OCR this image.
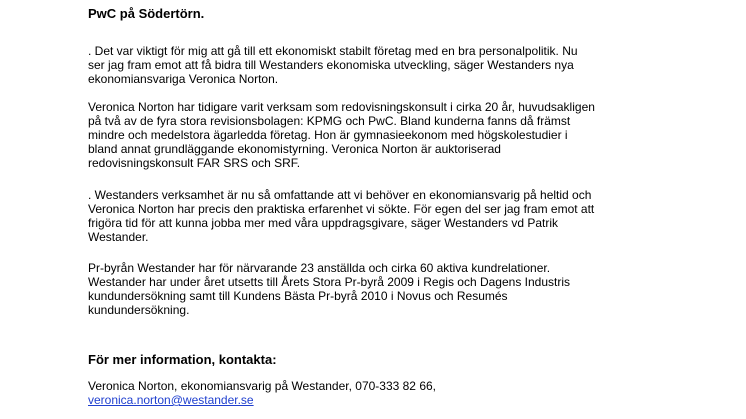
PwC på Södertörn.
. Det var viktigt för mig att gå till ett ekonomiskt stabilt företag med en bra personalpolitik. Nu
ser jag fram emot att få bidra till Westanders ekonomiska utveckling, säger Westanders nya
ekonomiansvariga Veronica Norton.
Veronica Norton har tidigare varit verksam som redovisningskonsult i cirka 20 år, huvudsakligen
på två av de fyra stora revisionsbolagen: KPMG och PwC. Bland kunderna fanns då främst
mindre och medelstora ägarledda företag. Hon är gymnasieekonom med högskolestudier i
bland annat grundläggande ekonomistyrning. Veronica Norton är auktoriserad
redovisningskonsult FAR SRS och SRF.
. Westanders verksamhet är nu så omfattande att vi behöver en ekonomiansvarig på heltid och
Veronica Norton har precis den praktiska erfarenhet vi sökte. För egen del ser jag fram emot att
frigöra tid för att kunna jobba mer med våra uppdragsgivare, säger Westanders vd Patrik
Westander.
Pr-byrån Westander har för närvarande 23 anställda och cirka 60 aktiva kundrelationer.
Westander har under året utsetts till Årets Stora Pr-byrå 2009 i Regis och Dagens Industris
kundundersökning samt till Kundens Bästa Pr-byrå 2010 i Novus och Resumés
kundundersökning.
För mer information, kontakta:
Veronica Norton, ekonomiansvarig på Westander, 070-333 82 66,
veronica.norton@westander.se
